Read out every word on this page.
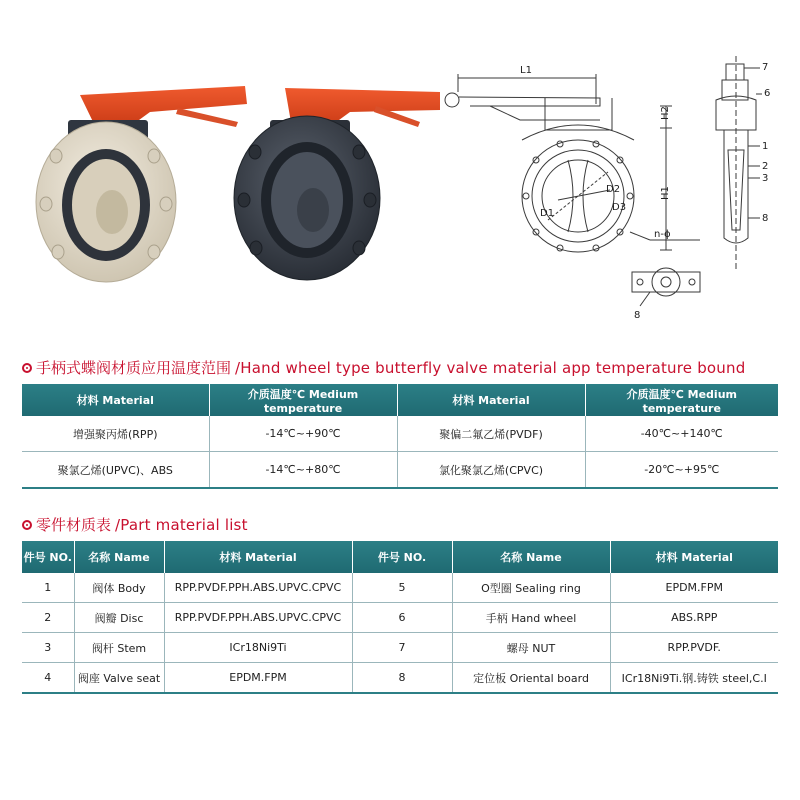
L1
H2
H1
D2
D1
D3
n-ϕ
7
6
1
2
3
8
8
手柄式蝶阀材质应用温度范围 /Hand wheel type butterfly valve material app temperature bound
材料 Material	介质温度℃ Medium temperature	材料 Material	介质温度℃ Medium temperature
增强聚丙烯(RPP)	-14℃~+90℃	聚偏二氟乙烯(PVDF)	-40℃~+140℃
聚氯乙烯(UPVC)、ABS	-14℃~+80℃	氯化聚氯乙烯(CPVC)	-20℃~+95℃
零件材质表 /Part material list
件号 NO.	名称 Name	材料 Material	件号 NO.	名称 Name	材料 Material
1	阀体 Body	RPP.PVDF.PPH.ABS.UPVC.CPVC	5	O型圈 Sealing ring	EPDM.FPM
2	阀瓣 Disc	RPP.PVDF.PPH.ABS.UPVC.CPVC	6	手柄 Hand wheel	ABS.RPP
3	阀杆 Stem	ICr18Ni9Ti	7	螺母 NUT	RPP.PVDF.
4	阀座 Valve seat	EPDM.FPM	8	定位板 Oriental board	ICr18Ni9Ti.钢.铸铁 steel,C.I
